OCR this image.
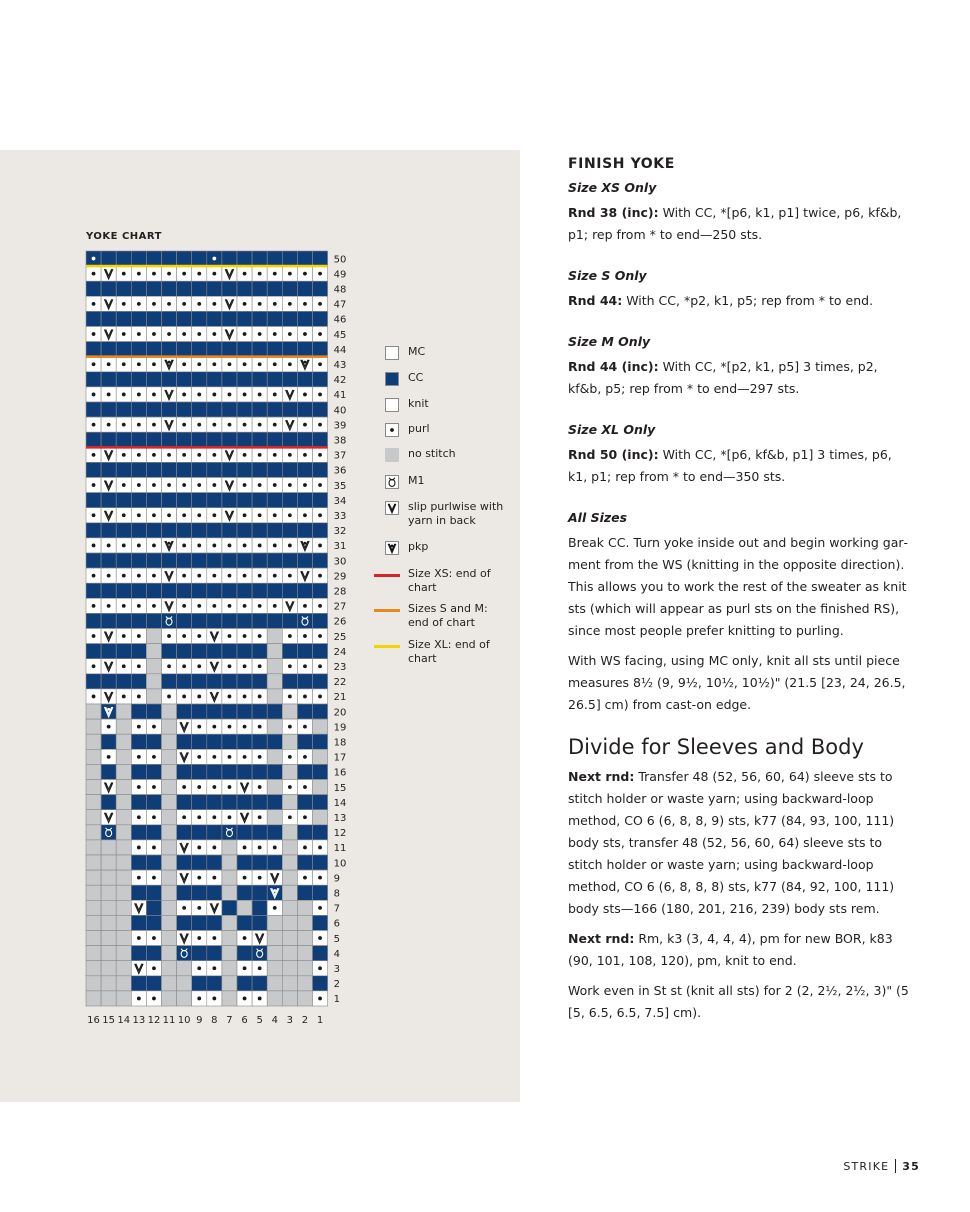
YOKE CHART
50
49
48
47
46
45
44
43
42
41
40
39
38
37
36
35
34
33
32
31
30
29
28
27
26
25
24
23
22
21
20
19
18
17
16
15
14
13
12
11
10
9
8
7
6
5
4
3
2
1
16 15 14 13 12 11 10 9 8 7 6 5 4 3 2 1
MC
CC
knit
purl
no stitch
M1
slip purlwise with yarn in back
pkp
Size XS: end of chart
Sizes S and M: end of chart
Size XL: end of chart
FINISH YOKE
Size XS Only

Rnd 38 (inc): With CC, *[p6, k1, p1] twice, p6, kf&b, p1; rep from * to end—250 sts.

Size S Only

Rnd 44: With CC, *p2, k1, p5; rep from * to end.

Size M Only

Rnd 44 (inc): With CC, *[p2, k1, p5] 3 times, p2, kf&b, p5; rep from * to end—297 sts.

Size XL Only

Rnd 50 (inc): With CC, *[p6, kf&b, p1] 3 times, p6, k1, p1; rep from * to end—350 sts.

All Sizes

Break CC. Turn yoke inside out and begin working garment from the WS (knitting in the opposite direction). This allows you to work the rest of the sweater as knit sts (which will appear as purl sts on the finished RS), since most people prefer knitting to purling.

With WS facing, using MC only, knit all sts until piece measures 8½ (9, 9½, 10½, 10½)" (21.5 [23, 24, 26.5, 26.5] cm) from cast-on edge.

Divide for Sleeves and Body

Next rnd: Transfer 48 (52, 56, 60, 64) sleeve sts to stitch holder or waste yarn; using backward-loop method, CO 6 (6, 8, 8, 9) sts, k77 (84, 93, 100, 111) body sts, transfer 48 (52, 56, 60, 64) sleeve sts to stitch holder or waste yarn; using backward-loop method, CO 6 (6, 8, 8, 8) sts, k77 (84, 92, 100, 111) body sts—166 (180, 201, 216, 239) body sts rem.

Next rnd: Rm, k3 (3, 4, 4, 4), pm for new BOR, k83 (90, 101, 108, 120), pm, knit to end.

Work even in St st (knit all sts) for 2 (2, 2½, 2½, 3)" (5 [5, 6.5, 6.5, 7.5] cm).

STRIKE 35
